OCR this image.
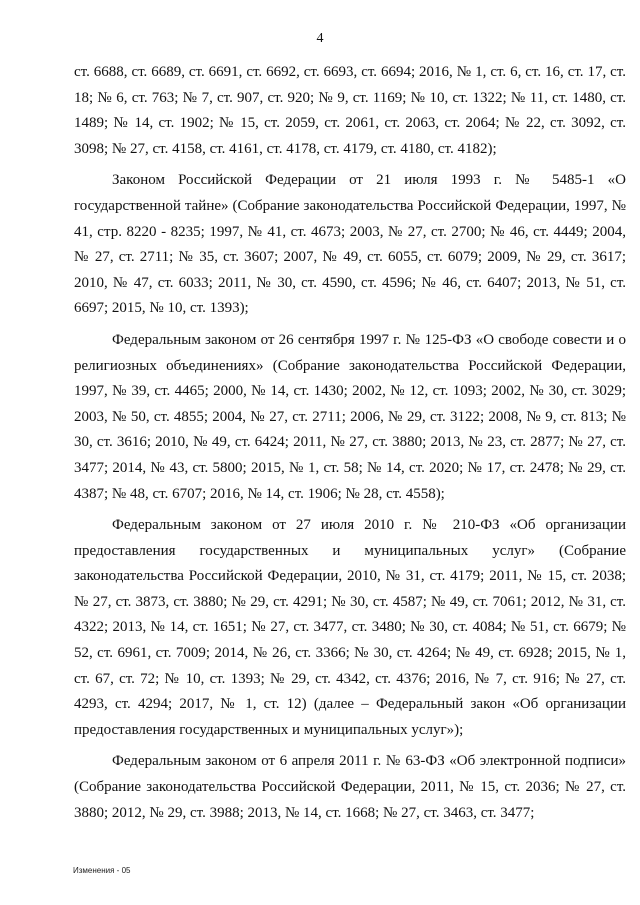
4

ст. 6688, ст. 6689, ст. 6691, ст. 6692, ст. 6693, ст. 6694; 2016, № 1, ст. 6, ст. 16, ст. 17, ст. 18; № 6, ст. 763; № 7, ст. 907, ст. 920; № 9, ст. 1169; № 10, ст. 1322; № 11, ст. 1480, ст. 1489; № 14, ст. 1902; № 15, ст. 2059, ст. 2061, ст. 2063, ст. 2064; № 22, ст. 3092, ст. 3098; № 27, ст. 4158, ст. 4161, ст. 4178, ст. 4179, ст. 4180, ст. 4182);

Законом Российской Федерации от 21 июля 1993 г. № 5485-1 «О государственной тайне» (Собрание законодательства Российской Федерации, 1997, № 41, стр. 8220 - 8235; 1997, № 41, ст. 4673; 2003, № 27, ст. 2700; № 46, ст. 4449; 2004, № 27, ст. 2711; № 35, ст. 3607; 2007, № 49, ст. 6055, ст. 6079; 2009, № 29, ст. 3617; 2010, № 47, ст. 6033; 2011, № 30, ст. 4590, ст. 4596; № 46, ст. 6407; 2013, № 51, ст. 6697; 2015, № 10, ст. 1393);

Федеральным законом от 26 сентября 1997 г. № 125-ФЗ «О свободе совести и о религиозных объединениях» (Собрание законодательства Российской Федерации, 1997, № 39, ст. 4465; 2000, № 14, ст. 1430; 2002, № 12, ст. 1093; 2002, № 30, ст. 3029; 2003, № 50, ст. 4855; 2004, № 27, ст. 2711; 2006, № 29, ст. 3122; 2008, № 9, ст. 813; № 30, ст. 3616; 2010, № 49, ст. 6424; 2011, № 27, ст. 3880; 2013, № 23, ст. 2877; № 27, ст. 3477; 2014, № 43, ст. 5800; 2015, № 1, ст. 58; № 14, ст. 2020; № 17, ст. 2478; № 29, ст. 4387; № 48, ст. 6707; 2016, № 14, ст. 1906; № 28, ст. 4558);

Федеральным законом от 27 июля 2010 г. № 210-ФЗ «Об организации предоставления государственных и муниципальных услуг» (Собрание законодательства Российской Федерации, 2010, № 31, ст. 4179; 2011, № 15, ст. 2038; № 27, ст. 3873, ст. 3880; № 29, ст. 4291; № 30, ст. 4587; № 49, ст. 7061; 2012, № 31, ст. 4322; 2013, № 14, ст. 1651; № 27, ст. 3477, ст. 3480; № 30, ст. 4084; № 51, ст. 6679; № 52, ст. 6961, ст. 7009; 2014, № 26, ст. 3366; № 30, ст. 4264; № 49, ст. 6928; 2015, № 1, ст. 67, ст. 72; № 10, ст. 1393; № 29, ст. 4342, ст. 4376; 2016, № 7, ст. 916; № 27, ст. 4293, ст. 4294; 2017, № 1, ст. 12) (далее – Федеральный закон «Об организации предоставления государственных и муниципальных услуг»);

Федеральным законом от 6 апреля 2011 г. № 63-ФЗ «Об электронной подписи» (Собрание законодательства Российской Федерации, 2011, № 15, ст. 2036; № 27, ст. 3880; 2012, № 29, ст. 3988; 2013, № 14, ст. 1668; № 27, ст. 3463, ст. 3477;

Изменения - 05
